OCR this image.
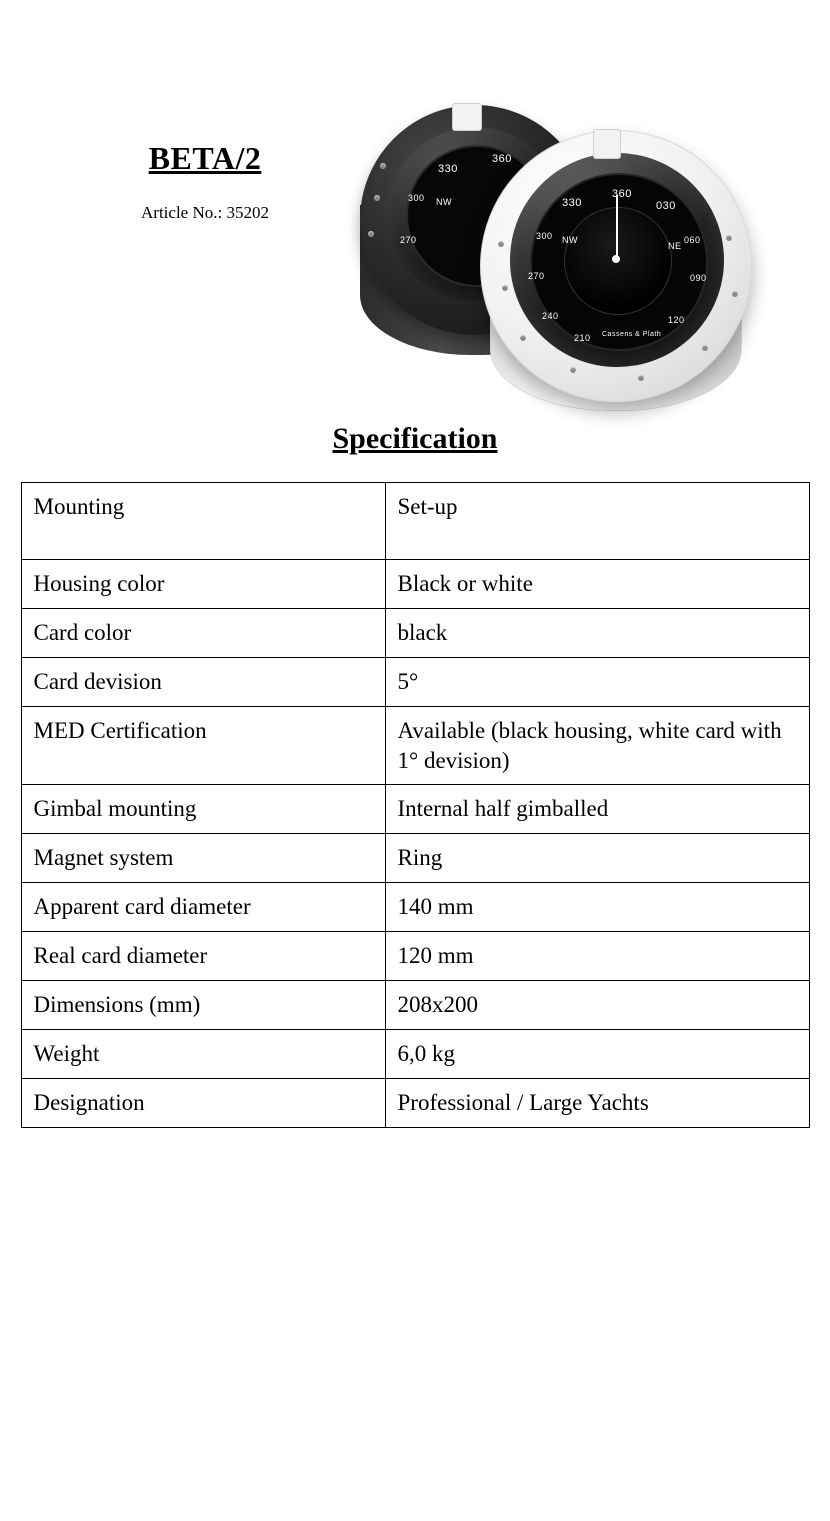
BETA/2
Article No.: 35202
330
360
300
270
NW	330
360
030
300	060
270	090
240	120
210
NW
NE
Cassens & Plath
Specification
Mounting	Set-up
Housing color	Black or white
Card color	black
Card devision	5°
MED Certification	Available (black housing, white card with 1° devision)
Gimbal mounting	Internal half gimballed
Magnet system	Ring
Apparent card diameter	140 mm
Real card diameter	120 mm
Dimensions (mm)	208x200
Weight	6,0 kg
Designation	Professional / Large Yachts
